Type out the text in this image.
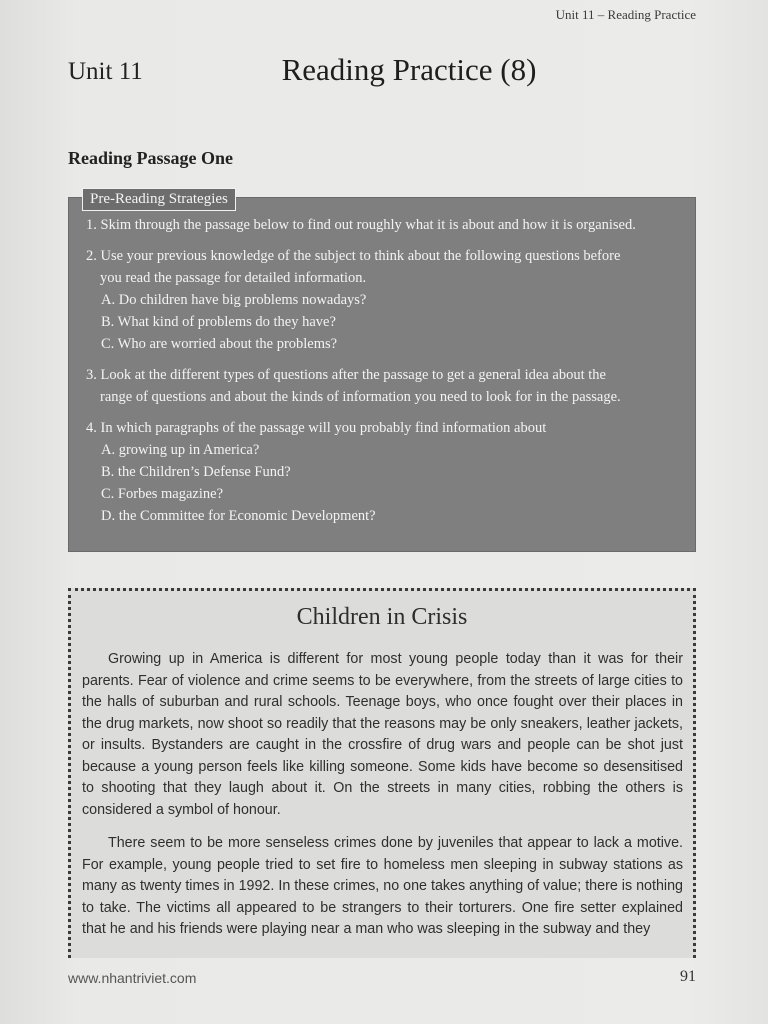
Unit 11 – Reading Practice
Unit 11	Reading Practice (8)
Reading Passage One
Pre-Reading Strategies
1. Skim through the passage below to find out roughly what it is about and how it is organised.
2. Use your previous knowledge of the subject to think about the following questions before
you read the passage for detailed information.
A. Do children have big problems nowadays?
B. What kind of problems do they have?
C. Who are worried about the problems?
3. Look at the different types of questions after the passage to get a general idea about the
range of questions and about the kinds of information you need to look for in the passage.
4. In which paragraphs of the passage will you probably find information about
A. growing up in America?
B. the Children’s Defense Fund?
C. Forbes magazine?
D. the Committee for Economic Development?
Children in Crisis

Growing up in America is different for most young people today than it was for their parents. Fear of violence and crime seems to be everywhere, from the streets of large cities to the halls of suburban and rural schools. Teenage boys, who once fought over their places in the drug markets, now shoot so readily that the reasons may be only sneakers, leather jackets, or insults. Bystanders are caught in the crossfire of drug wars and people can be shot just because a young person feels like killing someone. Some kids have become so desensitised to shooting that they laugh about it. On the streets in many cities, robbing the others is considered a symbol of honour.

There seem to be more senseless crimes done by juveniles that appear to lack a motive. For example, young people tried to set fire to homeless men sleeping in subway stations as many as twenty times in 1992. In these crimes, no one takes anything of value; there is nothing to take. The victims all appeared to be strangers to their torturers. One fire setter explained that he and his friends were playing near a man who was sleeping in the subway and they

www.nhantriviet.com	91
